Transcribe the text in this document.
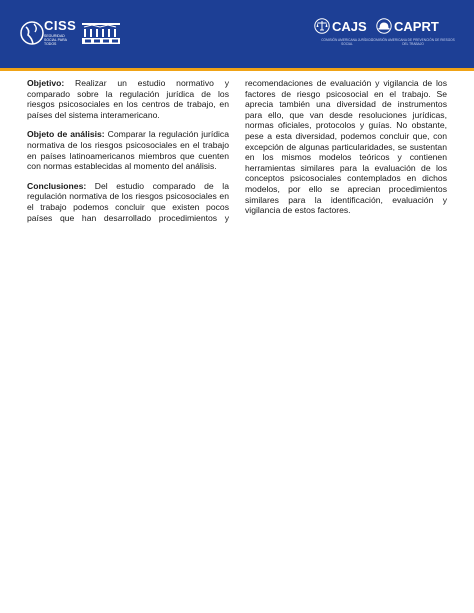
CISS
SEGURIDAD SOCIAL PARA TODOS
CAJS
COMISIÓN AMERICANA JURÍDICO SOCIAL
CAPRT
COMISIÓN AMERICANA DE PREVENCIÓN DE RIESGOS DEL TRABAJO

Objetivo: Realizar un estudio normativo y comparado sobre la regulación jurídica de los riesgos psicosociales en los centros de trabajo, en países del sistema interamericano.

Objeto de análisis: Comparar la regulación jurídica normativa de los riesgos psicosociales en el trabajo en países latinoamericanos miembros que cuenten con normas establecidas al momento del análisis.

Conclusiones: Del estudio comparado de la regulación normativa de los riesgos psicosociales en el trabajo podemos concluir que existen pocos países que han desarrollado procedimientos y

recomendaciones de evaluación y vigilancia de los factores de riesgo psicosocial en el trabajo. Se aprecia también una diversidad de instrumentos para ello, que van desde resoluciones jurídicas, normas oficiales, protocolos y guías. No obstante, pese a esta diversidad, podemos concluir que, con excepción de algunas particularidades, se sustentan en los mismos modelos teóricos y contienen herramientas similares para la evaluación de los conceptos psicosociales contemplados en dichos modelos, por ello se aprecian procedimientos similares para la identificación, evaluación y vigilancia de estos factores.
